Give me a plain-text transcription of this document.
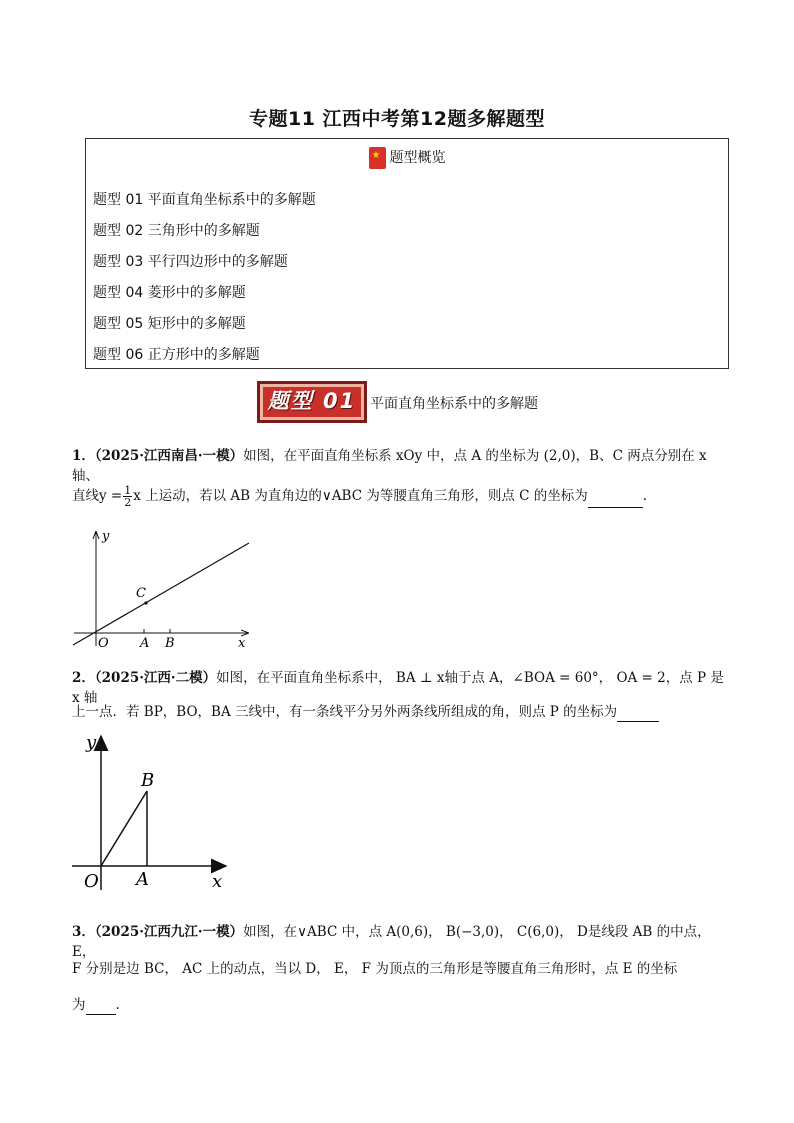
专题11 江西中考第12题多解题型
★题型概览
题型 01 平面直角坐标系中的多解题
题型 02 三角形中的多解题
题型 03 平行四边形中的多解题
题型 04 菱形中的多解题
题型 05 矩形中的多解题
题型 06 正方形中的多解题
题型 01 平面直角坐标系中的多解题
1．（2025·江西南昌·一模）如图，在平面直角坐标系 xOy 中，点 A 的坐标为 (2,0)，B、C 两点分别在 x 轴、
直线$y = \frac{1}{2}$ x 上运动，若以 AB 为直角边的∨ABC 为等腰直角三角形，则点 C 的坐标为	.
y
C
O A B	x
2．（2025·江西·二模）如图，在平面直角坐标系中， BA ⊥ x轴于点 A，∠BOA = 60°， OA = 2，点 P 是 x 轴
上一点．若 BP，BO，BA 三线中，有一条线平分另外两条线所组成的角，则点 P 的坐标为
y
B
O A	x
3．（2025·江西九江·一模）如图，在∨ABC 中，点 A(0,6)， B(−3,0)， C(6,0)， D是线段 AB 的中点， E，
F 分别是边 BC， AC 上的动点，当以 D， E， F 为顶点的三角形是等腰直角三角形时，点 E 的坐标
为 .
